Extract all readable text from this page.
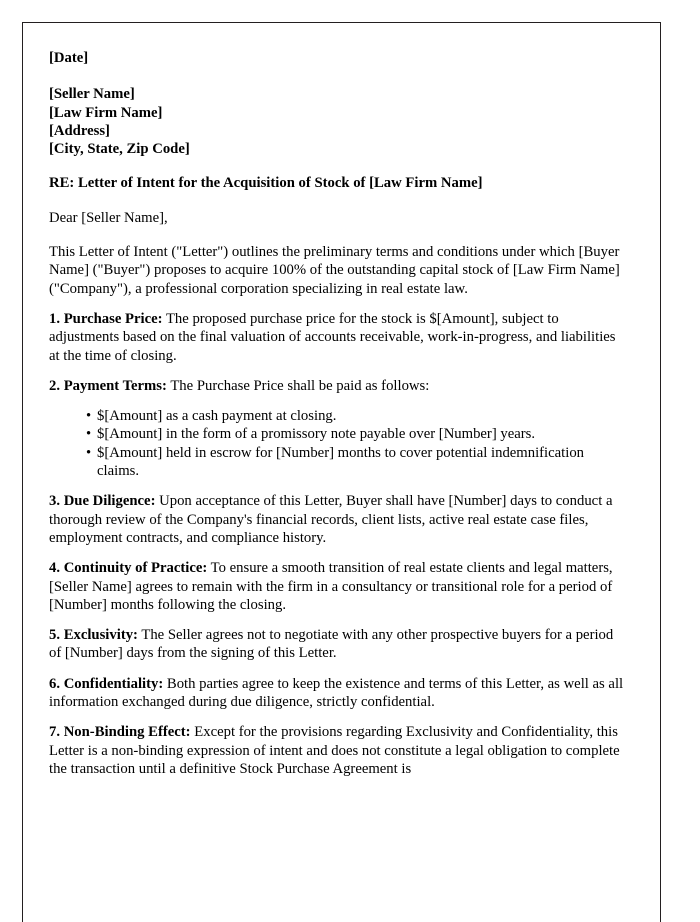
[Date]
[Seller Name]
[Law Firm Name]
[Address]
[City, State, Zip Code]
RE: Letter of Intent for the Acquisition of Stock of [Law Firm Name]
Dear [Seller Name],

This Letter of Intent ("Letter") outlines the preliminary terms and conditions under which [Buyer Name] ("Buyer") proposes to acquire 100% of the outstanding capital stock of [Law Firm Name] ("Company"), a professional corporation specializing in real estate law.

1. Purchase Price: The proposed purchase price for the stock is $[Amount], subject to adjustments based on the final valuation of accounts receivable, work-in-progress, and liabilities at the time of closing.

2. Payment Terms: The Purchase Price shall be paid as follows:

• $[Amount] as a cash payment at closing.
• $[Amount] in the form of a promissory note payable over [Number] years.
• $[Amount] held in escrow for [Number] months to cover potential indemnification claims.

3. Due Diligence: Upon acceptance of this Letter, Buyer shall have [Number] days to conduct a thorough review of the Company's financial records, client lists, active real estate case files, employment contracts, and compliance history.

4. Continuity of Practice: To ensure a smooth transition of real estate clients and legal matters, [Seller Name] agrees to remain with the firm in a consultancy or transitional role for a period of [Number] months following the closing.

5. Exclusivity: The Seller agrees not to negotiate with any other prospective buyers for a period of [Number] days from the signing of this Letter.

6. Confidentiality: Both parties agree to keep the existence and terms of this Letter, as well as all information exchanged during due diligence, strictly confidential.

7. Non-Binding Effect: Except for the provisions regarding Exclusivity and Confidentiality, this Letter is a non-binding expression of intent and does not constitute a legal obligation to complete the transaction until a definitive Stock Purchase Agreement is
